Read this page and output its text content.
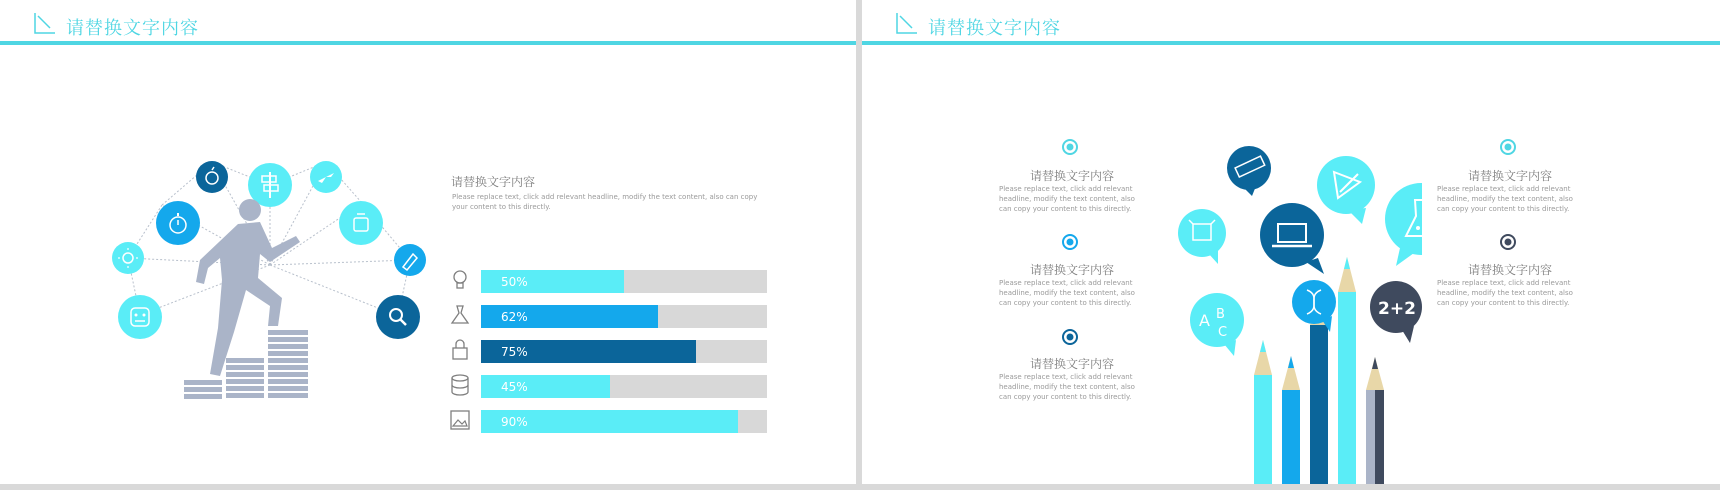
请替换文字内容
请替换文字内容
Please replace text, click add relevant headline, modify the text content, also can copy your content to this directly.
50%
62%
75%
45%
90%
请替换文字内容
请替换文字内容
Please replace text, click add relevant headline, modify the text content, also can copy your content to this directly.
请替换文字内容
Please replace text, click add relevant headline, modify the text content, also can copy your content to this directly.
请替换文字内容
Please replace text, click add relevant headline, modify the text content, also can copy your content to this directly.
请替换文字内容
Please replace text, click add relevant headline, modify the text content, also can copy your content to this directly.
请替换文字内容
Please replace text, click add relevant headline, modify the text content, also can copy your content to this directly.
A B
C
2+2
